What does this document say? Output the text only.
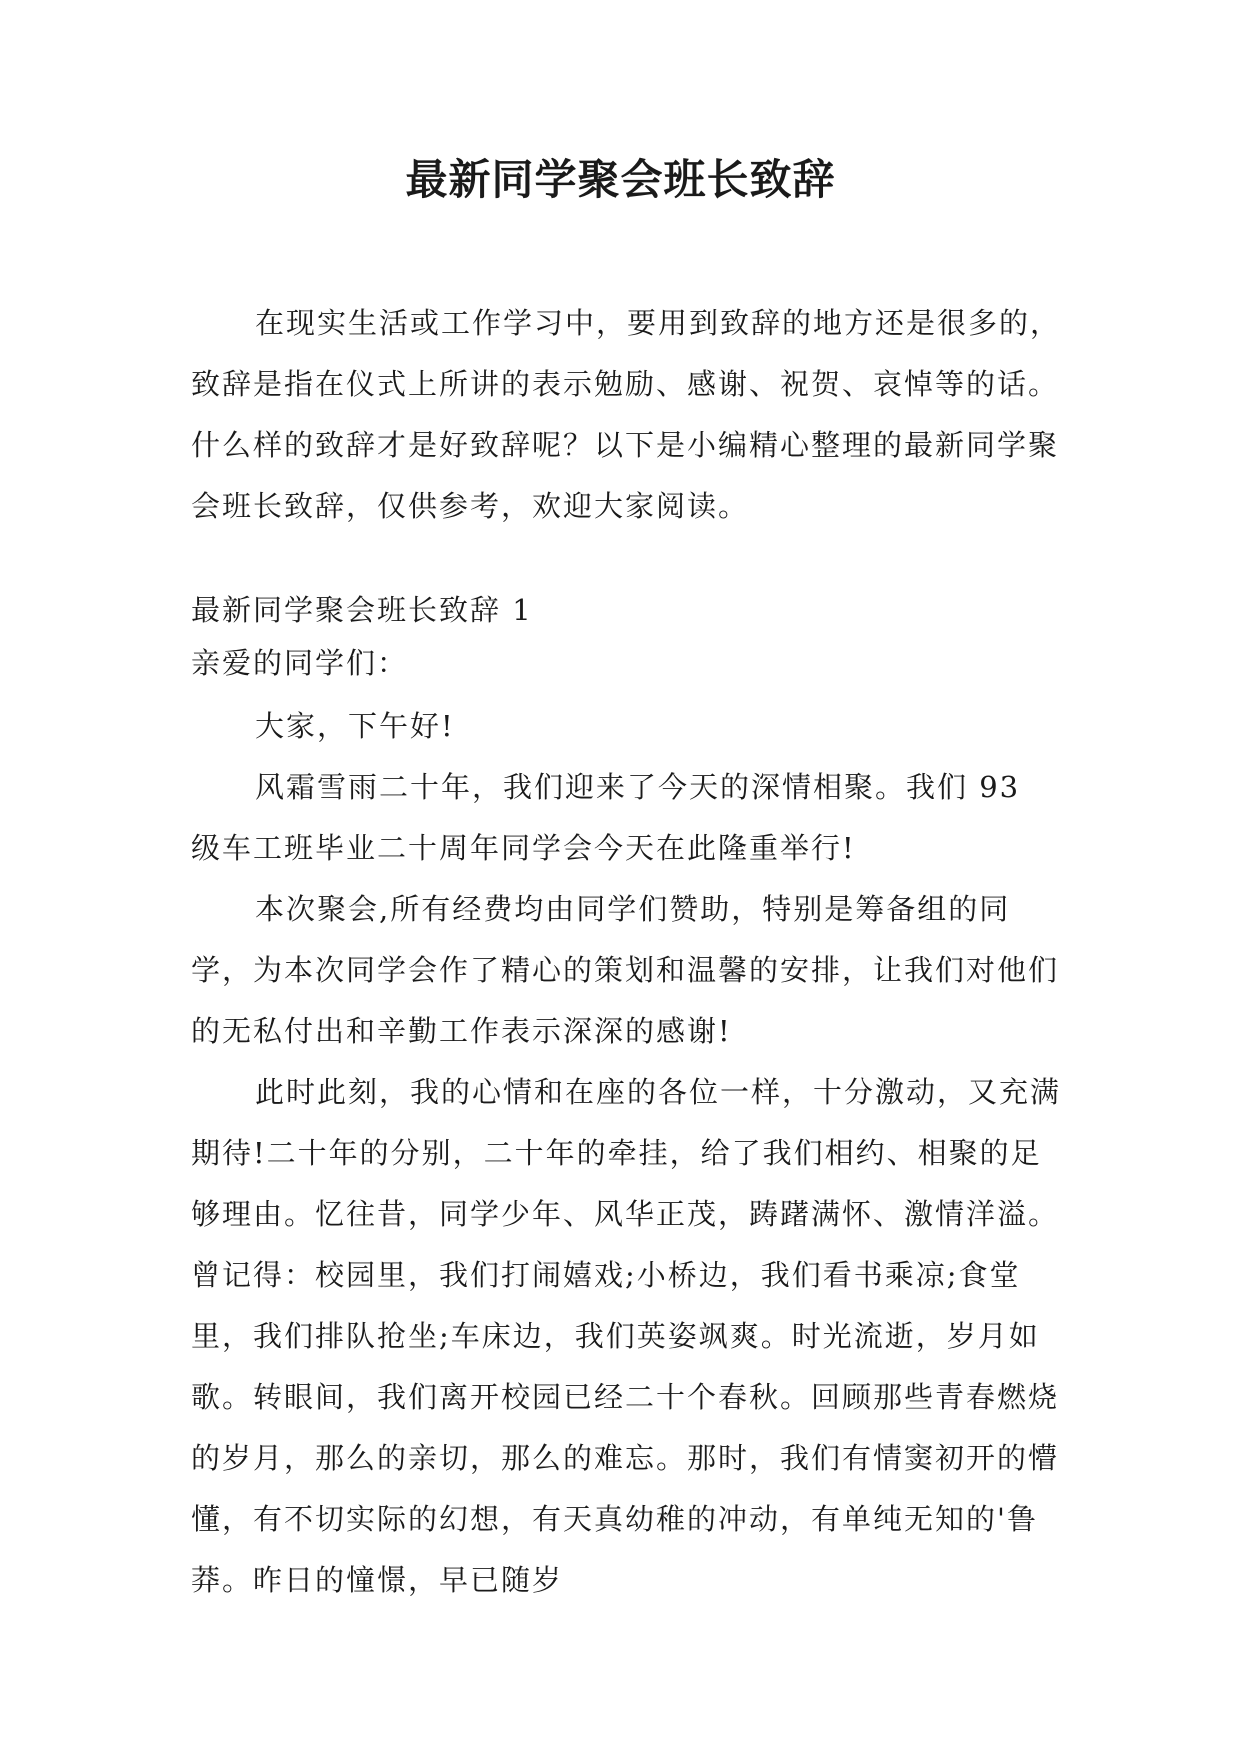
最新同学聚会班长致辞

在现实生活或工作学习中，要用到致辞的地方还是很多的，致辞是指在仪式上所讲的表示勉励、感谢、祝贺、哀悼等的话。什么样的致辞才是好致辞呢？以下是小编精心整理的最新同学聚会班长致辞，仅供参考，欢迎大家阅读。

最新同学聚会班长致辞 1

亲爱的同学们：

大家，下午好!

风霜雪雨二十年，我们迎来了今天的深情相聚。我们 93 级车工班毕业二十周年同学会今天在此隆重举行!

本次聚会,所有经费均由同学们赞助，特别是筹备组的同学，为本次同学会作了精心的策划和温馨的安排，让我们对他们的无私付出和辛勤工作表示深深的感谢!

此时此刻，我的心情和在座的各位一样，十分激动，又充满期待!二十年的分别，二十年的牵挂，给了我们相约、相聚的足够理由。忆往昔，同学少年、风华正茂，踌躇满怀、激情洋溢。曾记得：校园里，我们打闹嬉戏;小桥边，我们看书乘凉;食堂里，我们排队抢坐;车床边，我们英姿飒爽。时光流逝，岁月如歌。转眼间，我们离开校园已经二十个春秋。回顾那些青春燃烧的岁月，那么的亲切，那么的难忘。那时，我们有情窦初开的懵懂，有不切实际的幻想，有天真幼稚的冲动，有单纯无知的'鲁莽。昨日的憧憬，早已随岁
